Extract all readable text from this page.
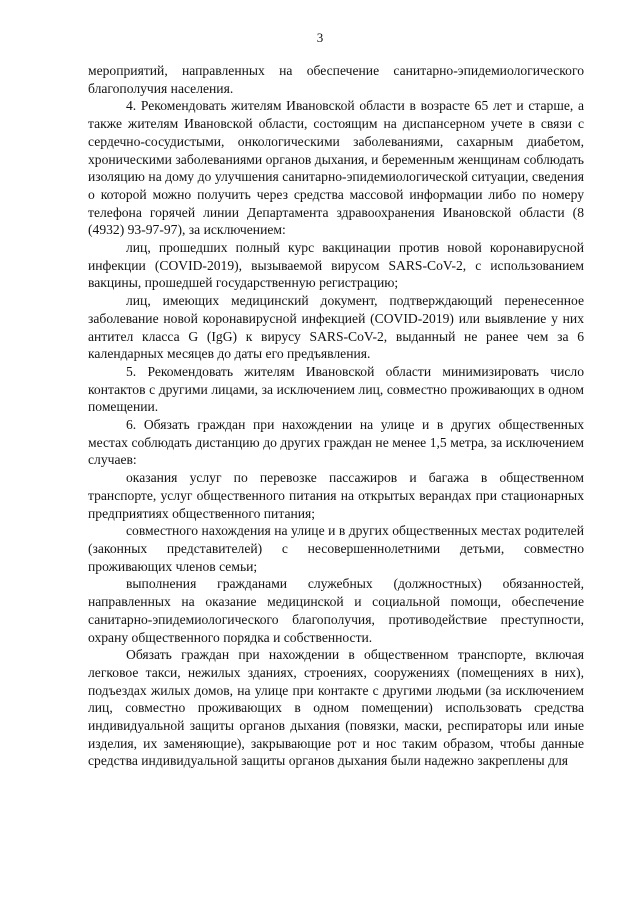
3

мероприятий, направленных на обеспечение санитарно-эпидемиологического благополучия населения.

4. Рекомендовать жителям Ивановской области в возрасте 65 лет и старше, а также жителям Ивановской области, состоящим на диспансерном учете в связи с сердечно-сосудистыми, онкологическими заболеваниями, сахарным диабетом, хроническими заболеваниями органов дыхания, и беременным женщинам соблюдать изоляцию на дому до улучшения санитарно-эпидемиологической ситуации, сведения о которой можно получить через средства массовой информации либо по номеру телефона горячей линии Департамента здравоохранения Ивановской области (8 (4932) 93-97-97), за исключением:

лиц, прошедших полный курс вакцинации против новой коронавирусной инфекции (COVID-2019), вызываемой вирусом SARS-CoV-2, с использованием вакцины, прошедшей государственную регистрацию;

лиц, имеющих медицинский документ, подтверждающий перенесенное заболевание новой коронавирусной инфекцией (COVID-2019) или выявление у них антител класса G (IgG) к вирусу SARS-CoV-2, выданный не ранее чем за 6 календарных месяцев до даты его предъявления.

5. Рекомендовать жителям Ивановской области минимизировать число контактов с другими лицами, за исключением лиц, совместно проживающих в одном помещении.

6. Обязать граждан при нахождении на улице и в других общественных местах соблюдать дистанцию до других граждан не менее 1,5 метра, за исключением случаев:

оказания услуг по перевозке пассажиров и багажа в общественном транспорте, услуг общественного питания на открытых верандах при стационарных предприятиях общественного питания;

совместного нахождения на улице и в других общественных местах родителей (законных представителей) с несовершеннолетними детьми, совместно проживающих членов семьи;

выполнения гражданами служебных (должностных) обязанностей, направленных на оказание медицинской и социальной помощи, обеспечение санитарно-эпидемиологического благополучия, противодействие преступности, охрану общественного порядка и собственности.

Обязать граждан при нахождении в общественном транспорте, включая легковое такси, нежилых зданиях, строениях, сооружениях (помещениях в них), подъездах жилых домов, на улице при контакте с другими людьми (за исключением лиц, совместно проживающих в одном помещении) использовать средства индивидуальной защиты органов дыхания (повязки, маски, респираторы или иные изделия, их заменяющие), закрывающие рот и нос таким образом, чтобы данные средства индивидуальной защиты органов дыхания были надежно закреплены для
